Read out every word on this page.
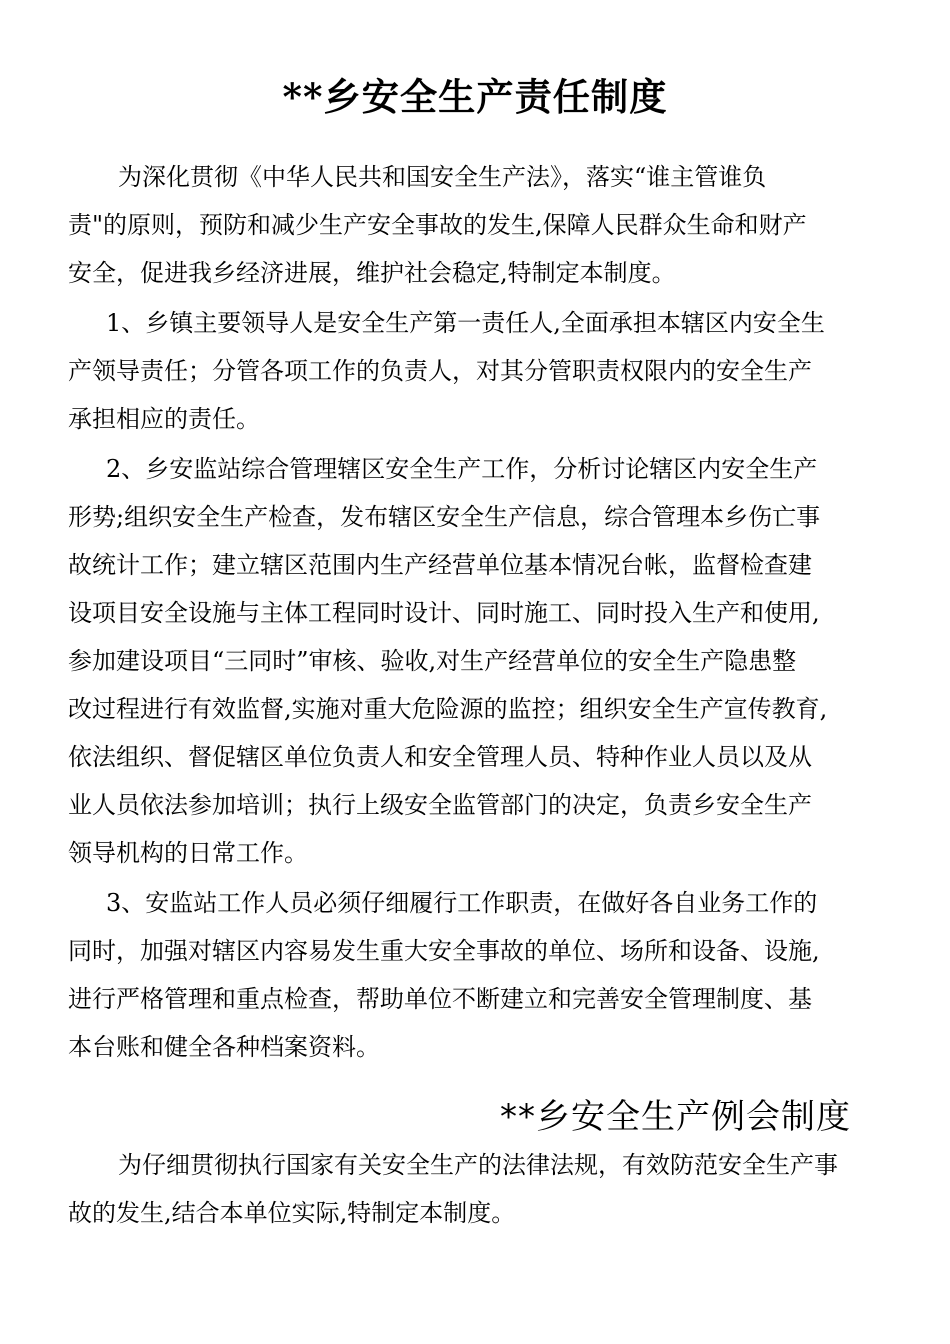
**乡安全生产责任制度
为深化贯彻《中华人民共和国安全生产法》，落实“谁主管谁负
责"的原则，预防和减少生产安全事故的发生,保障人民群众生命和财产
安全，促进我乡经济进展，维护社会稳定,特制定本制度。
1、乡镇主要领导人是安全生产第一责任人,全面承担本辖区内安全生
产领导责任；分管各项工作的负责人，对其分管职责权限内的安全生产
承担相应的责任。
2、乡安监站综合管理辖区安全生产工作，分析讨论辖区内安全生产
形势;组织安全生产检查，发布辖区安全生产信息，综合管理本乡伤亡事
故统计工作；建立辖区范围内生产经营单位基本情况台帐，监督检查建
设项目安全设施与主体工程同时设计、同时施工、同时投入生产和使用,
参加建设项目“三同时”审核、验收,对生产经营单位的安全生产隐患整
改过程进行有效监督,实施对重大危险源的监控；组织安全生产宣传教育,
依法组织、督促辖区单位负责人和安全管理人员、特种作业人员以及从
业人员依法参加培训；执行上级安全监管部门的决定，负责乡安全生产
领导机构的日常工作。
3、安监站工作人员必须仔细履行工作职责，在做好各自业务工作的
同时，加强对辖区内容易发生重大安全事故的单位、场所和设备、设施,
进行严格管理和重点检查，帮助单位不断建立和完善安全管理制度、基
本台账和健全各种档案资料。
**乡安全生产例会制度
为仔细贯彻执行国家有关安全生产的法律法规，有效防范安全生产事
故的发生,结合本单位实际,特制定本制度。
